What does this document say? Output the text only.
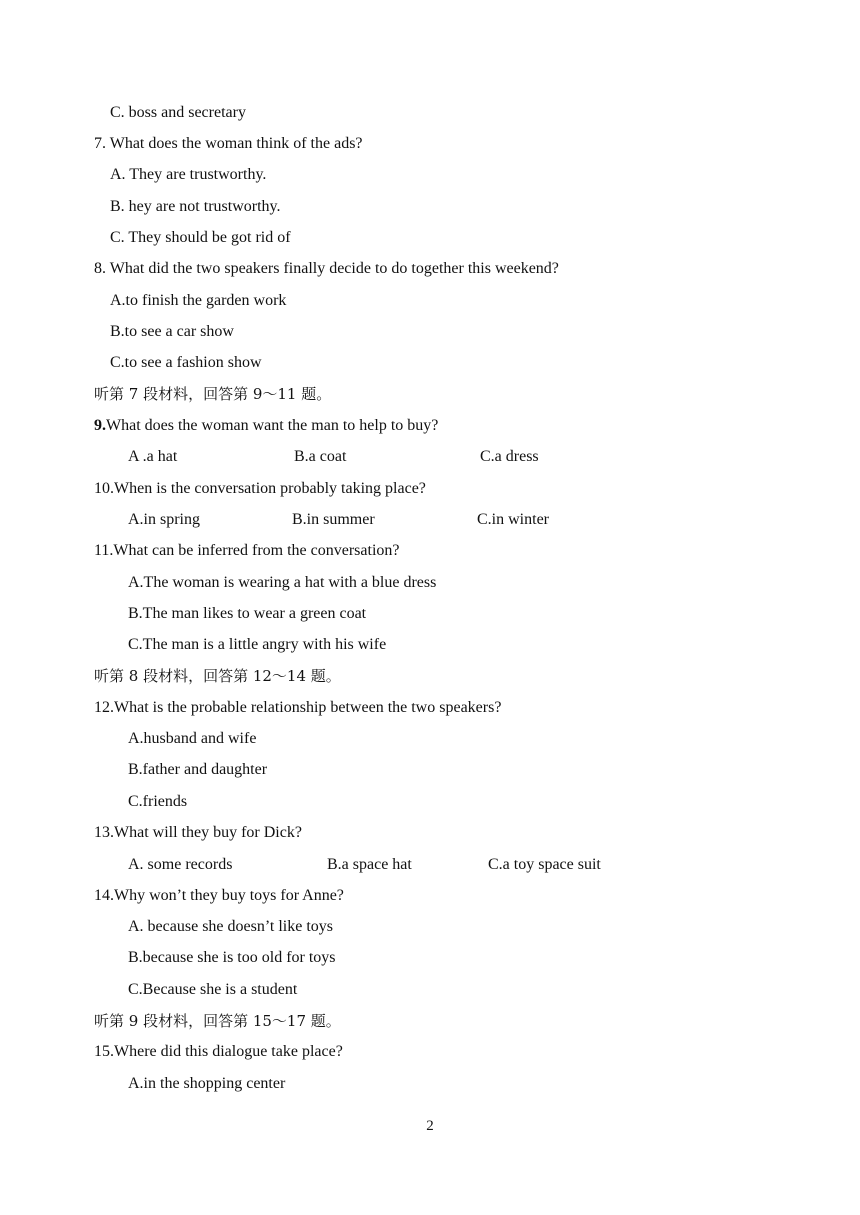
C. boss and secretary
7. What does the woman think of the ads?
A. They are trustworthy.
B. hey are not trustworthy.
C. They should be got rid of
8. What did the two speakers finally decide to do together this weekend?
A.to finish the garden work
B.to see a car show
C.to see a fashion show
听第 7 段材料，回答第 9～11 题。
9.What does the woman want the man to help to buy?
A .a hat	B.a coat	C.a dress
10.When is the conversation probably taking place?
A.in spring	B.in summer	C.in winter
11.What can be inferred from the conversation?
A.The woman is wearing a hat with a blue dress
B.The man likes to wear a green coat
C.The man is a little angry with his wife
听第 8 段材料，回答第 12～14 题。
12.What is the probable relationship between the two speakers?
A.husband and wife
B.father and daughter
C.friends
13.What will they buy for Dick?
A. some records	B.a space hat	C.a toy space suit
14.Why won’t they buy toys for Anne?
A. because she doesn’t like toys
B.because she is too old for toys
C.Because she is a student
听第 9 段材料，回答第 15～17 题。
15.Where did this dialogue take place?
A.in the shopping center
2
